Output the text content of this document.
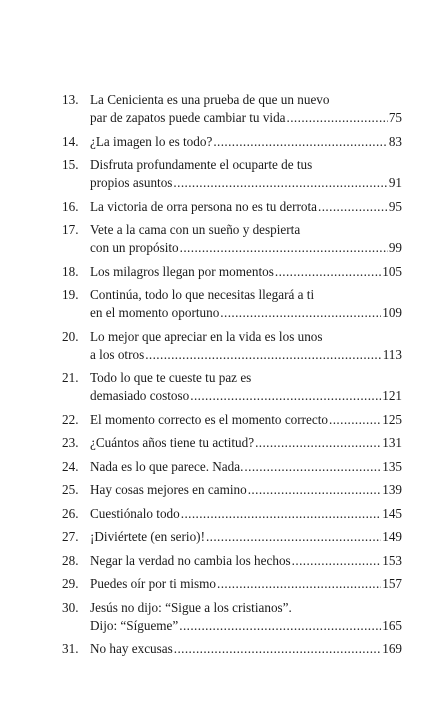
13. La Cenicienta es una prueba de que un nuevo
par de zapatos puede cambiar tu vida .....	75
14. ¿La imagen lo es todo? .....	83
15. Disfruta profundamente el ocuparte de tus
propios asuntos .....	91
16. La victoria de orra persona no es tu derrota .....	95
17. Vete a la cama con un sueño y despierta
con un propósito .....	99
18. Los milagros llegan por momentos .....	105
19. Continúa, todo lo que necesitas llegará a ti
en el momento oportuno .....	109
20. Lo mejor que apreciar en la vida es los unos
a los otros .....	113
21. Todo lo que te cueste tu paz es
demasiado costoso .....	121
22. El momento correcto es el momento correcto .....	125
23. ¿Cuántos años tiene tu actitud? .....	131
24. Nada es lo que parece. Nada. .....	135
25. Hay cosas mejores en camino .....	139
26. Cuestiónalo todo .....	145
27. ¡Diviértete (en serio)! .....	149
28. Negar la verdad no cambia los hechos .....	153
29. Puedes oír por ti mismo .....	157
30. Jesús no dijo: “Sigue a los cristianos”.
Dijo: “Sígueme” .....	165
31. No hay excusas .....	169
